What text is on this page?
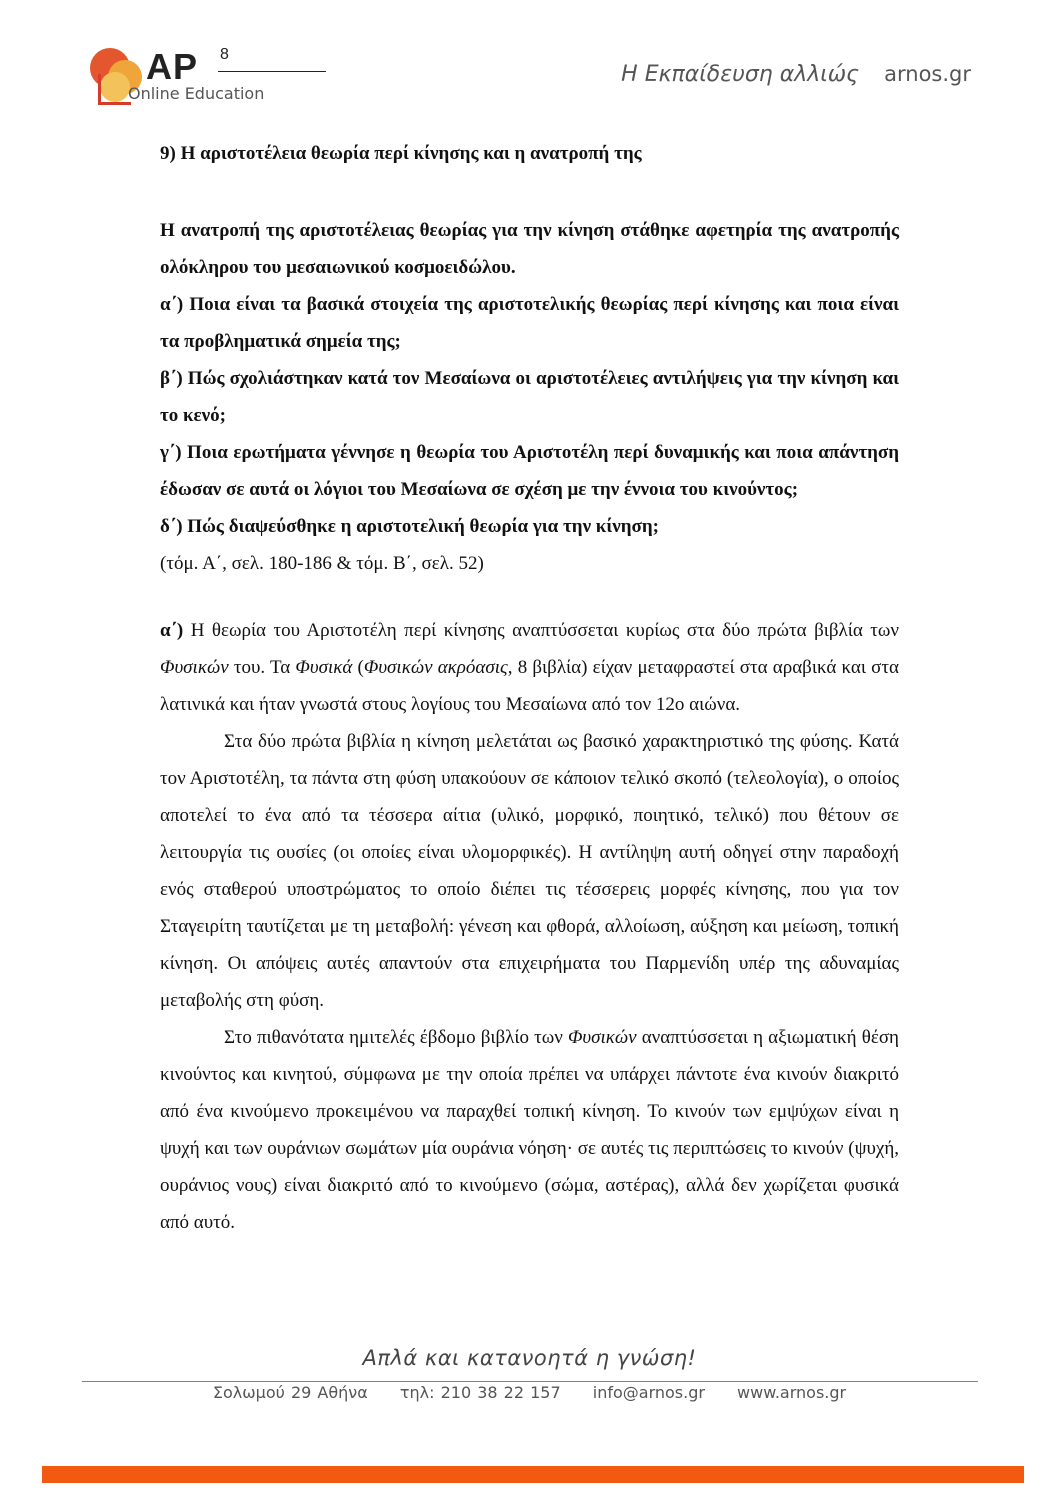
AP
Online Education
8
Η Εκπαίδευση αλλιώς arnos.gr

9) Η αριστοτέλεια θεωρία περί κίνησης και η ανατροπή της

Η ανατροπή της αριστοτέλειας θεωρίας για την κίνηση στάθηκε αφετηρία της ανατροπής ολόκληρου του μεσαιωνικού κοσμοειδώλου.

α΄) Ποια είναι τα βασικά στοιχεία της αριστοτελικής θεωρίας περί κίνησης και ποια είναι τα προβληματικά σημεία της;

β΄) Πώς σχολιάστηκαν κατά τον Μεσαίωνα οι αριστοτέλειες αντιλήψεις για την κίνηση και το κενό;

γ΄) Ποια ερωτήματα γέννησε η θεωρία του Αριστοτέλη περί δυναμικής και ποια απάντηση έδωσαν σε αυτά οι λόγιοι του Μεσαίωνα σε σχέση με την έννοια του κινούντος;

δ΄) Πώς διαψεύσθηκε η αριστοτελική θεωρία για την κίνηση;

(τόμ. Α΄, σελ. 180-186 & τόμ. Β΄, σελ. 52)

α΄) Η θεωρία του Αριστοτέλη περί κίνησης αναπτύσσεται κυρίως στα δύο πρώτα βιβλία των Φυσικών του. Τα Φυσικά (Φυσικών ακρόασις, 8 βιβλία) είχαν μεταφραστεί στα αραβικά και στα λατινικά και ήταν γνωστά στους λογίους του Μεσαίωνα από τον 12ο αιώνα.

Στα δύο πρώτα βιβλία η κίνηση μελετάται ως βασικό χαρακτηριστικό της φύσης. Κατά τον Αριστοτέλη, τα πάντα στη φύση υπακούουν σε κάποιον τελικό σκοπό (τελεολογία), ο οποίος αποτελεί το ένα από τα τέσσερα αίτια (υλικό, μορφικό, ποιητικό, τελικό) που θέτουν σε λειτουργία τις ουσίες (οι οποίες είναι υλομορφικές). Η αντίληψη αυτή οδηγεί στην παραδοχή ενός σταθερού υποστρώματος το οποίο διέπει τις τέσσερεις μορφές κίνησης, που για τον Σταγειρίτη ταυτίζεται με τη μεταβολή: γένεση και φθορά, αλλοίωση, αύξηση και μείωση, τοπική κίνηση. Οι απόψεις αυτές απαντούν στα επιχειρήματα του Παρμενίδη υπέρ της αδυναμίας μεταβολής στη φύση.

Στο πιθανότατα ημιτελές έβδομο βιβλίο των Φυσικών αναπτύσσεται η αξιωματική θέση κινούντος και κινητού, σύμφωνα με την οποία πρέπει να υπάρχει πάντοτε ένα κινούν διακριτό από ένα κινούμενο προκειμένου να παραχθεί τοπική κίνηση. Το κινούν των εμψύχων είναι η ψυχή και των ουράνιων σωμάτων μία ουράνια νόηση· σε αυτές τις περιπτώσεις το κινούν (ψυχή, ουράνιος νους) είναι διακριτό από το κινούμενο (σώμα, αστέρας), αλλά δεν χωρίζεται φυσικά από αυτό.

Απλά και κατανοητά η γνώση!
Σολωμού 29 Αθήνα τηλ: 210 38 22 157 info@arnos.gr www.arnos.gr
